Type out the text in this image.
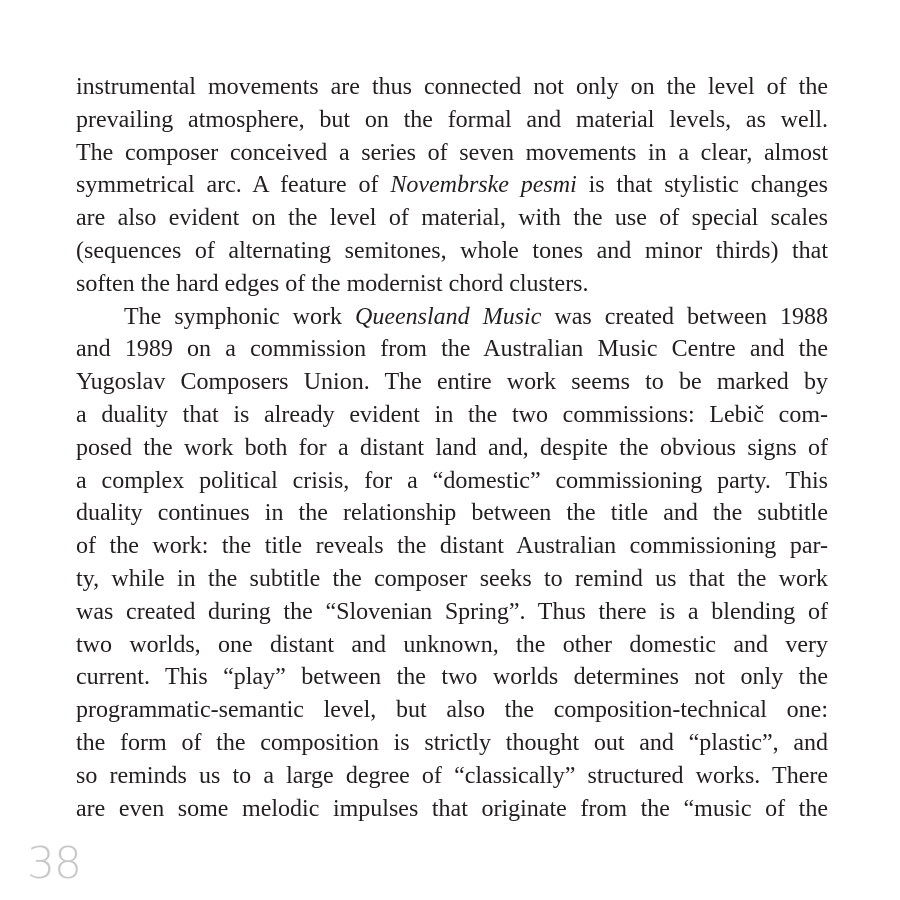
instrumental movements are thus connected not only on the level of the
prevailing atmosphere, but on the formal and material levels, as well.
The composer conceived a series of seven movements in a clear, almost
symmetrical arc. A feature of Novembrske pesmi is that stylistic changes
are also evident on the level of material, with the use of special scales
(sequences of alternating semitones, whole tones and minor thirds) that
soften the hard edges of the modernist chord clusters.
The symphonic work Queensland Music was created between 1988
and 1989 on a commission from the Australian Music Centre and the
Yugoslav Composers Union. The entire work seems to be marked by
a duality that is already evident in the two commissions: Lebič com-
posed the work both for a distant land and, despite the obvious signs of
a complex political crisis, for a “domestic” commissioning party. This
duality continues in the relationship between the title and the subtitle
of the work: the title reveals the distant Australian commissioning par-
ty, while in the subtitle the composer seeks to remind us that the work
was created during the “Slovenian Spring”. Thus there is a blending of
two worlds, one distant and unknown, the other domestic and very
current. This “play” between the two worlds determines not only the
programmatic-semantic level, but also the composition-technical one:
the form of the composition is strictly thought out and “plastic”, and
so reminds us to a large degree of “classically” structured works. There
are even some melodic impulses that originate from the “music of the
38
